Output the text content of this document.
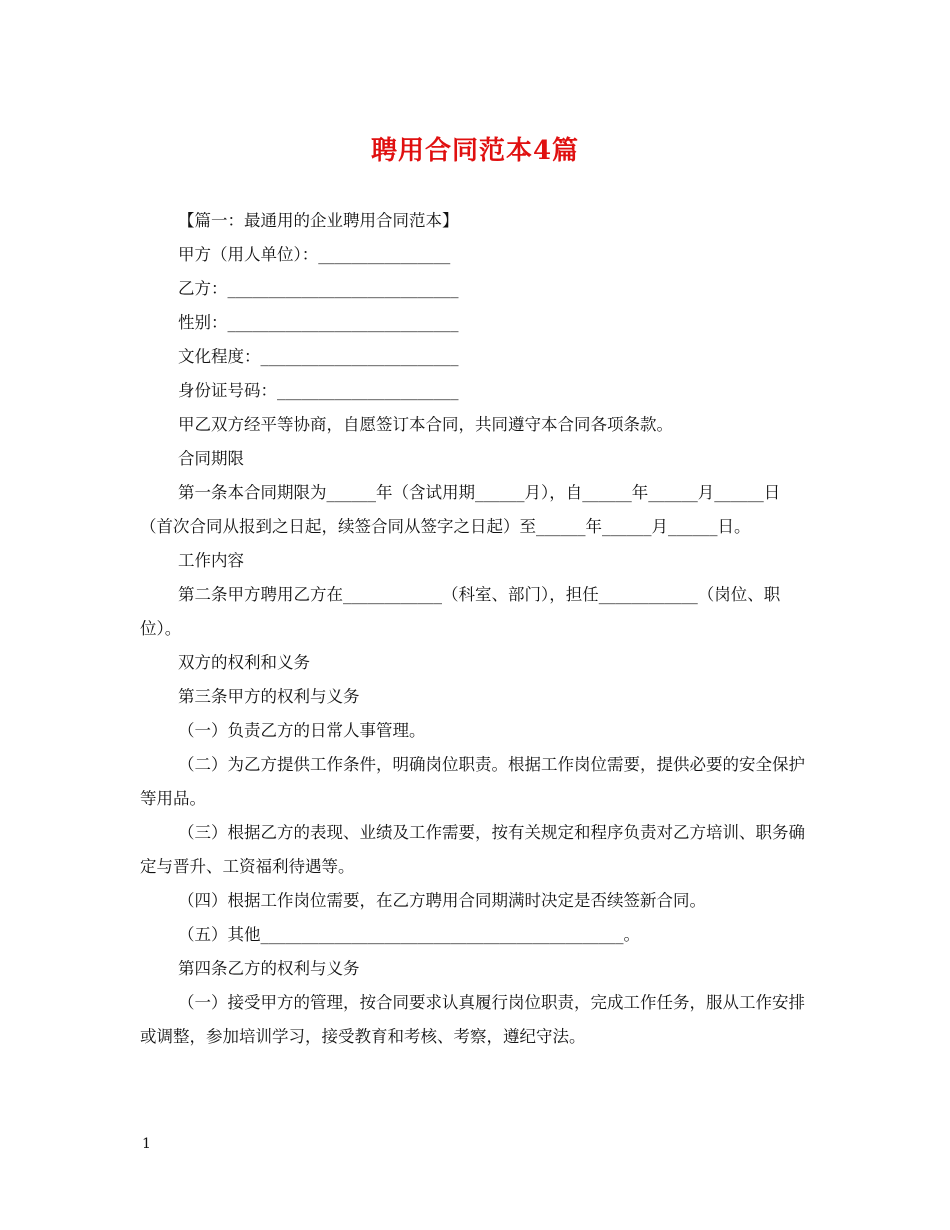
聘用合同范本4篇

【篇一：最通用的企业聘用合同范本】

甲方（用人单位）：________________

乙方：____________________________

性别：____________________________

文化程度：________________________

身份证号码：______________________

甲乙双方经平等协商，自愿签订本合同，共同遵守本合同各项条款。

合同期限

第一条本合同期限为______年（含试用期______月），自______年______月______日（首次合同从报到之日起，续签合同从签字之日起）至______年______月______日。

工作内容

第二条甲方聘用乙方在____________（科室、部门），担任____________（岗位、职位）。

双方的权利和义务

第三条甲方的权利与义务

（一）负责乙方的日常人事管理。

（二）为乙方提供工作条件，明确岗位职责。根据工作岗位需要，提供必要的安全保护等用品。

（三）根据乙方的表现、业绩及工作需要，按有关规定和程序负责对乙方培训、职务确定与晋升、工资福利待遇等。

（四）根据工作岗位需要，在乙方聘用合同期满时决定是否续签新合同。

（五）其他____________________________________________。

第四条乙方的权利与义务

（一）接受甲方的管理，按合同要求认真履行岗位职责，完成工作任务，服从工作安排或调整，参加培训学习，接受教育和考核、考察，遵纪守法。

1
